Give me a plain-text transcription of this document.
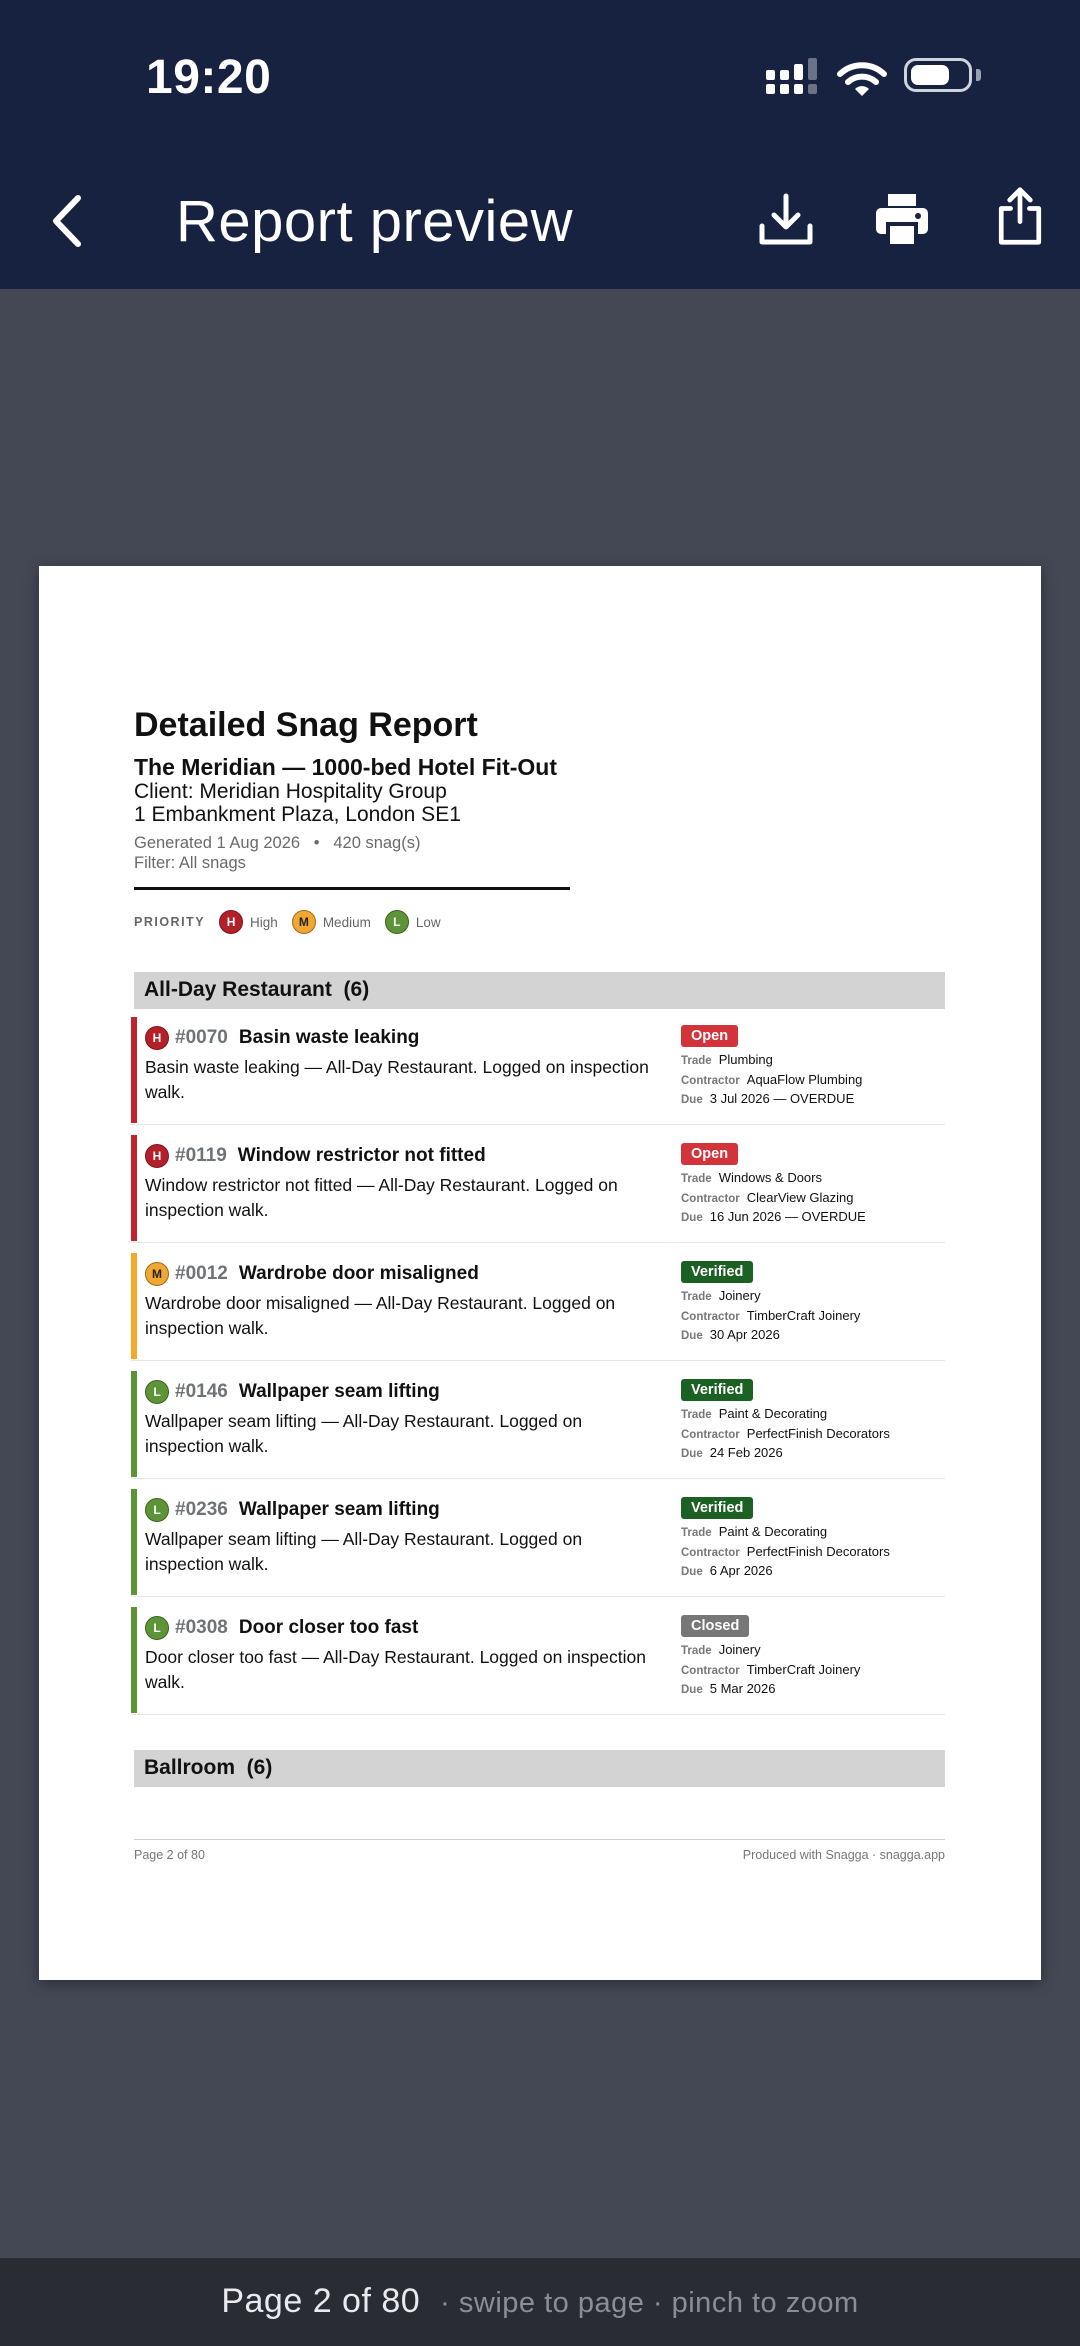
19:20
Report preview
Detailed Snag Report
The Meridian — 1000-bed Hotel Fit-Out
Client: Meridian Hospitality Group
1 Embankment Plaza, London SE1
Generated 1 Aug 2026   •   420 snag(s)
Filter: All snags
PRIORITY	H	High	M	Medium	L	Low
All-Day Restaurant  (6)
H #0070 Basin waste leaking
Basin waste leaking — All-Day Restaurant. Logged on inspection walk.
Open
Trade Plumbing
Contractor AquaFlow Plumbing
Due 3 Jul 2026 — OVERDUE
H #0119 Window restrictor not fitted
Window restrictor not fitted — All-Day Restaurant. Logged on inspection walk.
Open
Trade Windows & Doors
Contractor ClearView Glazing
Due 16 Jun 2026 — OVERDUE
M #0012 Wardrobe door misaligned
Wardrobe door misaligned — All-Day Restaurant. Logged on inspection walk.
Verified
Trade Joinery
Contractor TimberCraft Joinery
Due 30 Apr 2026
L #0146 Wallpaper seam lifting
Wallpaper seam lifting — All-Day Restaurant. Logged on inspection walk.
Verified
Trade Paint & Decorating
Contractor PerfectFinish Decorators
Due 24 Feb 2026
L #0236 Wallpaper seam lifting
Wallpaper seam lifting — All-Day Restaurant. Logged on inspection walk.
Verified
Trade Paint & Decorating
Contractor PerfectFinish Decorators
Due 6 Apr 2026
L #0308 Door closer too fast
Door closer too fast — All-Day Restaurant. Logged on inspection walk.
Closed
Trade Joinery
Contractor TimberCraft Joinery
Due 5 Mar 2026
Ballroom  (6)
Page 2 of 80	Produced with Snagga · snagga.app
Page 2 of 80 · swipe to page · pinch to zoom
